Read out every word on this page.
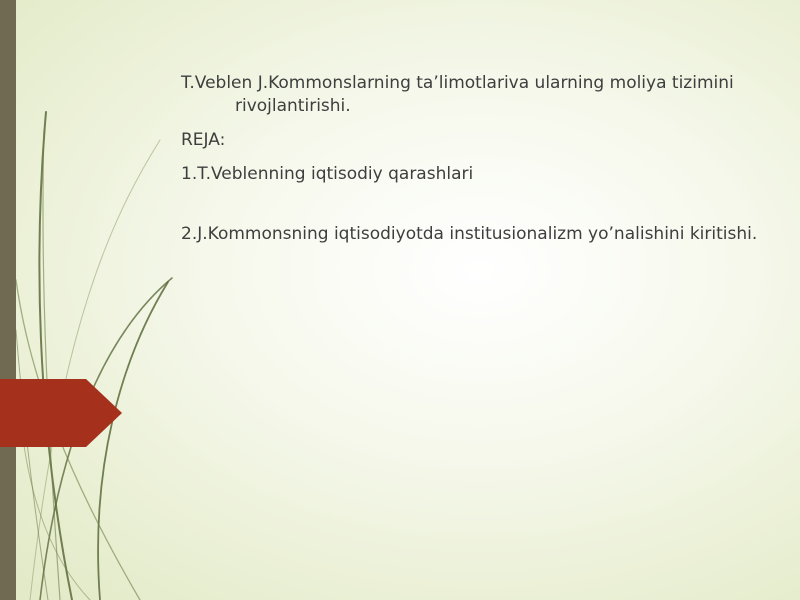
T.Veblen J.Kommonslarning ta’limotlariva ularning moliya tizimini rivojlantirishi.

REJA:

1.T.Veblenning iqtisodiy qarashlari

2.J.Kommonsning iqtisodiyotda institusionalizm yo’nalishini kiritishi.
